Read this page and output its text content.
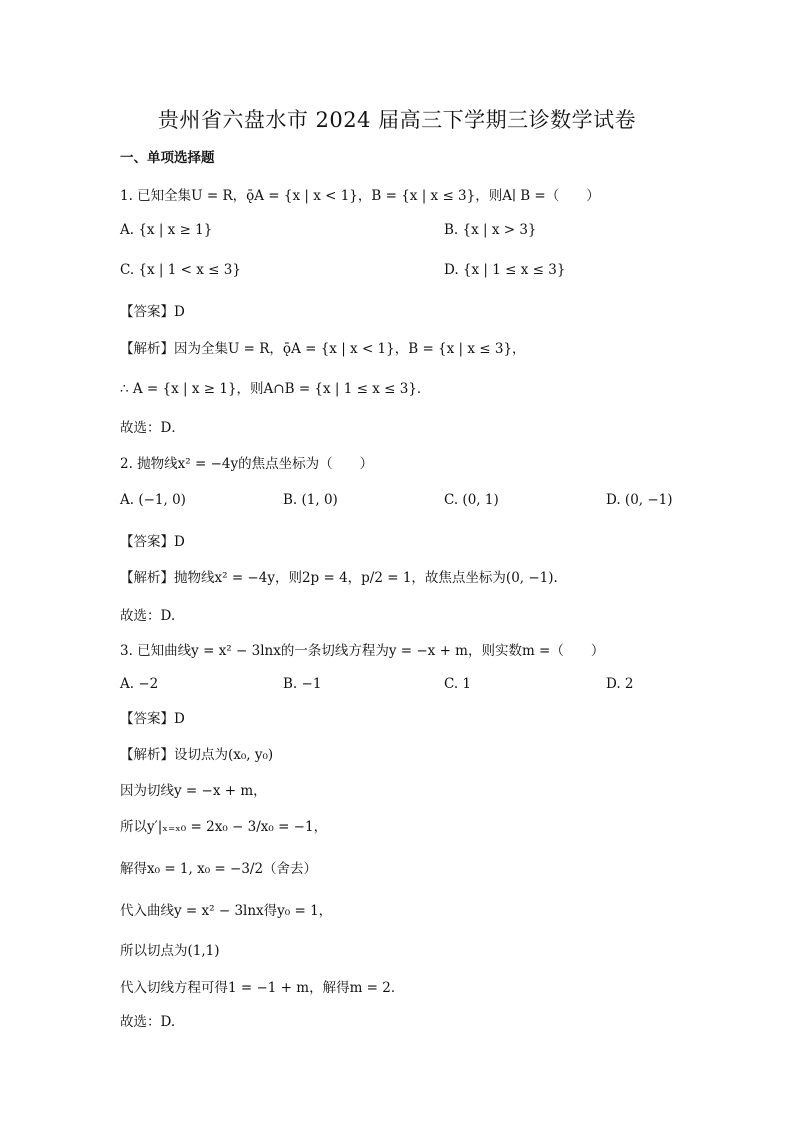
贵州省六盘水市 2024 届高三下学期三诊数学试卷
一、单项选择题
1. 已知全集U = R，ǭA = {x | x < 1}，B = {x | x ≤ 3}，则A∣ B =（　　）
A. {x | x ≥ 1}	B. {x | x > 3}
C. {x | 1 < x ≤ 3}	D. {x | 1 ≤ x ≤ 3}
【答案】D
【解析】因为全集U = R，ǭA = {x | x < 1}，B = {x | x ≤ 3}，
∴ A = {x | x ≥ 1}，则A∩B = {x | 1 ≤ x ≤ 3}．
故选：D．
2. 抛物线x² = −4y的焦点坐标为（　　）
A. (−1, 0)	B. (1, 0)	C. (0, 1)	D. (0, −1)
【答案】D
【解析】抛物线x² = −4y，则2p = 4，p/2 = 1，故焦点坐标为(0, −1).
故选：D.
3. 已知曲线y = x² − 3lnx的一条切线方程为y = −x + m，则实数m =（　　）
A. −2	B. −1	C. 1	D. 2
【答案】D
【解析】设切点为(x₀, y₀)
因为切线y = −x + m，
所以y′|ₓ₌ₓ₀ = 2x₀ − 3/x₀ = −1，
解得x₀ = 1, x₀ = −3/2（舍去）
代入曲线y = x² − 3lnx得y₀ = 1，
所以切点为(1,1)
代入切线方程可得1 = −1 + m，解得m = 2．
故选：D.
